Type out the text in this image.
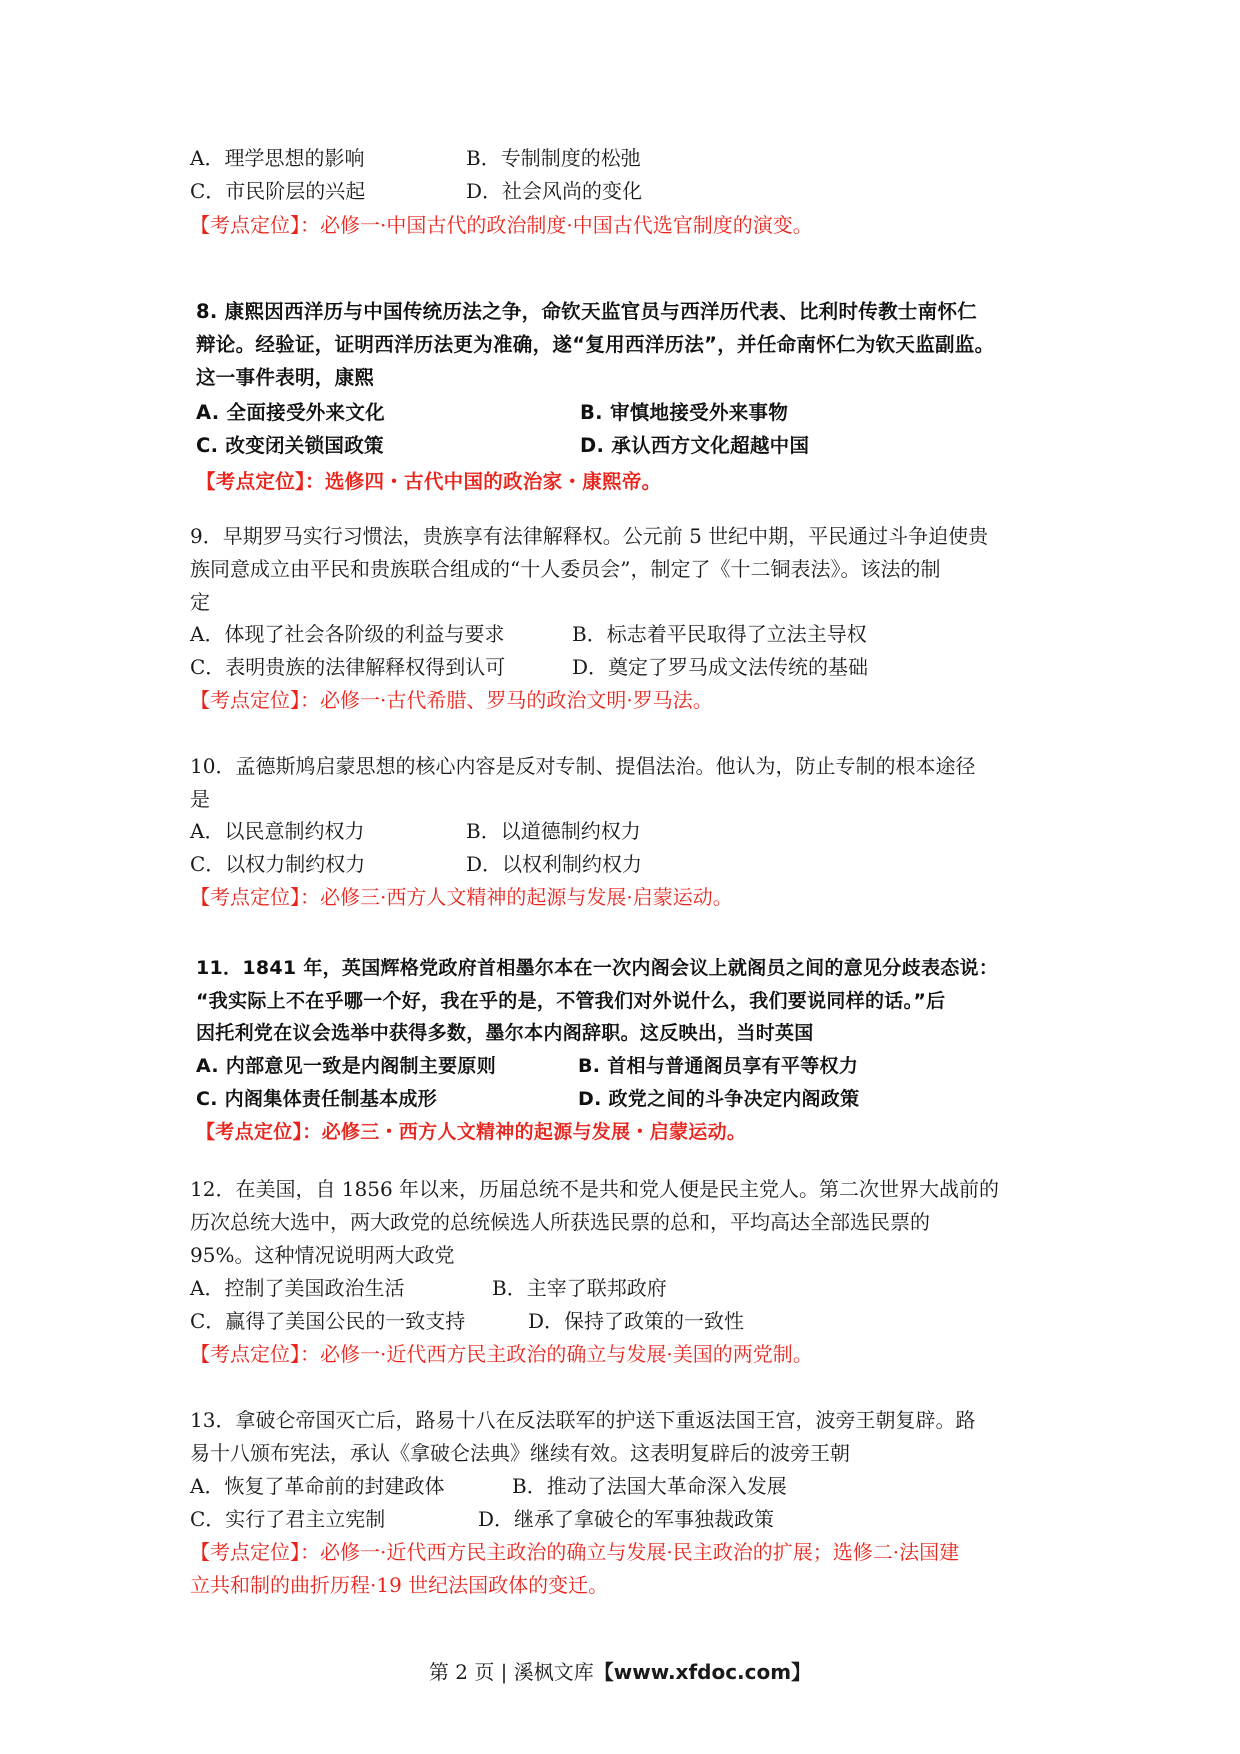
A．理学思想的影响	B．专制制度的松弛
C．市民阶层的兴起	D．社会风尚的变化
【考点定位】：必修一·中国古代的政治制度·中国古代选官制度的演变。
8. 康熙因西洋历与中国传统历法之争，命钦天监官员与西洋历代表、比利时传教士南怀仁
辩论。经验证，证明西洋历法更为准确，遂“复用西洋历法”，并任命南怀仁为钦天监副监。
这一事件表明，康熙
A. 全面接受外来文化	B. 审慎地接受外来事物
C. 改变闭关锁国政策	D. 承认西方文化超越中国
【考点定位】：选修四・古代中国的政治家・康熙帝。
9．早期罗马实行习惯法，贵族享有法律解释权。公元前 5 世纪中期，平民通过斗争迫使贵
族同意成立由平民和贵族联合组成的“十人委员会”，制定了《十二铜表法》。该法的制
定
A．体现了社会各阶级的利益与要求	B．标志着平民取得了立法主导权
C．表明贵族的法律解释权得到认可	D．奠定了罗马成文法传统的基础
【考点定位】：必修一·古代希腊、罗马的政治文明·罗马法。
10．孟德斯鸠启蒙思想的核心内容是反对专制、提倡法治。他认为，防止专制的根本途径
是
A．以民意制约权力	B．以道德制约权力
C．以权力制约权力	D．以权利制约权力
【考点定位】：必修三·西方人文精神的起源与发展·启蒙运动。
11．1841 年，英国辉格党政府首相墨尔本在一次内阁会议上就阁员之间的意见分歧表态说：
“我实际上不在乎哪一个好，我在乎的是，不管我们对外说什么，我们要说同样的话。”后
因托利党在议会选举中获得多数，墨尔本内阁辞职。这反映出，当时英国
A. 内部意见一致是内阁制主要原则	B. 首相与普通阁员享有平等权力
C. 内阁集体责任制基本成形	D. 政党之间的斗争决定内阁政策
【考点定位】：必修三・西方人文精神的起源与发展・启蒙运动。
12．在美国，自 1856 年以来，历届总统不是共和党人便是民主党人。第二次世界大战前的
历次总统大选中，两大政党的总统候选人所获选民票的总和，平均高达全部选民票的
95%。这种情况说明两大政党
A．控制了美国政治生活	B．主宰了联邦政府
C．赢得了美国公民的一致支持	D．保持了政策的一致性
【考点定位】：必修一·近代西方民主政治的确立与发展·美国的两党制。
13．拿破仑帝国灭亡后，路易十八在反法联军的护送下重返法国王宫，波旁王朝复辟。路
易十八颁布宪法，承认《拿破仑法典》继续有效。这表明复辟后的波旁王朝
A．恢复了革命前的封建政体	B．推动了法国大革命深入发展
C．实行了君主立宪制	D．继承了拿破仑的军事独裁政策
【考点定位】：必修一·近代西方民主政治的确立与发展·民主政治的扩展；选修二·法国建
立共和制的曲折历程·19 世纪法国政体的变迁。
第 2 页 | 溪枫文库【www.xfdoc.com】
